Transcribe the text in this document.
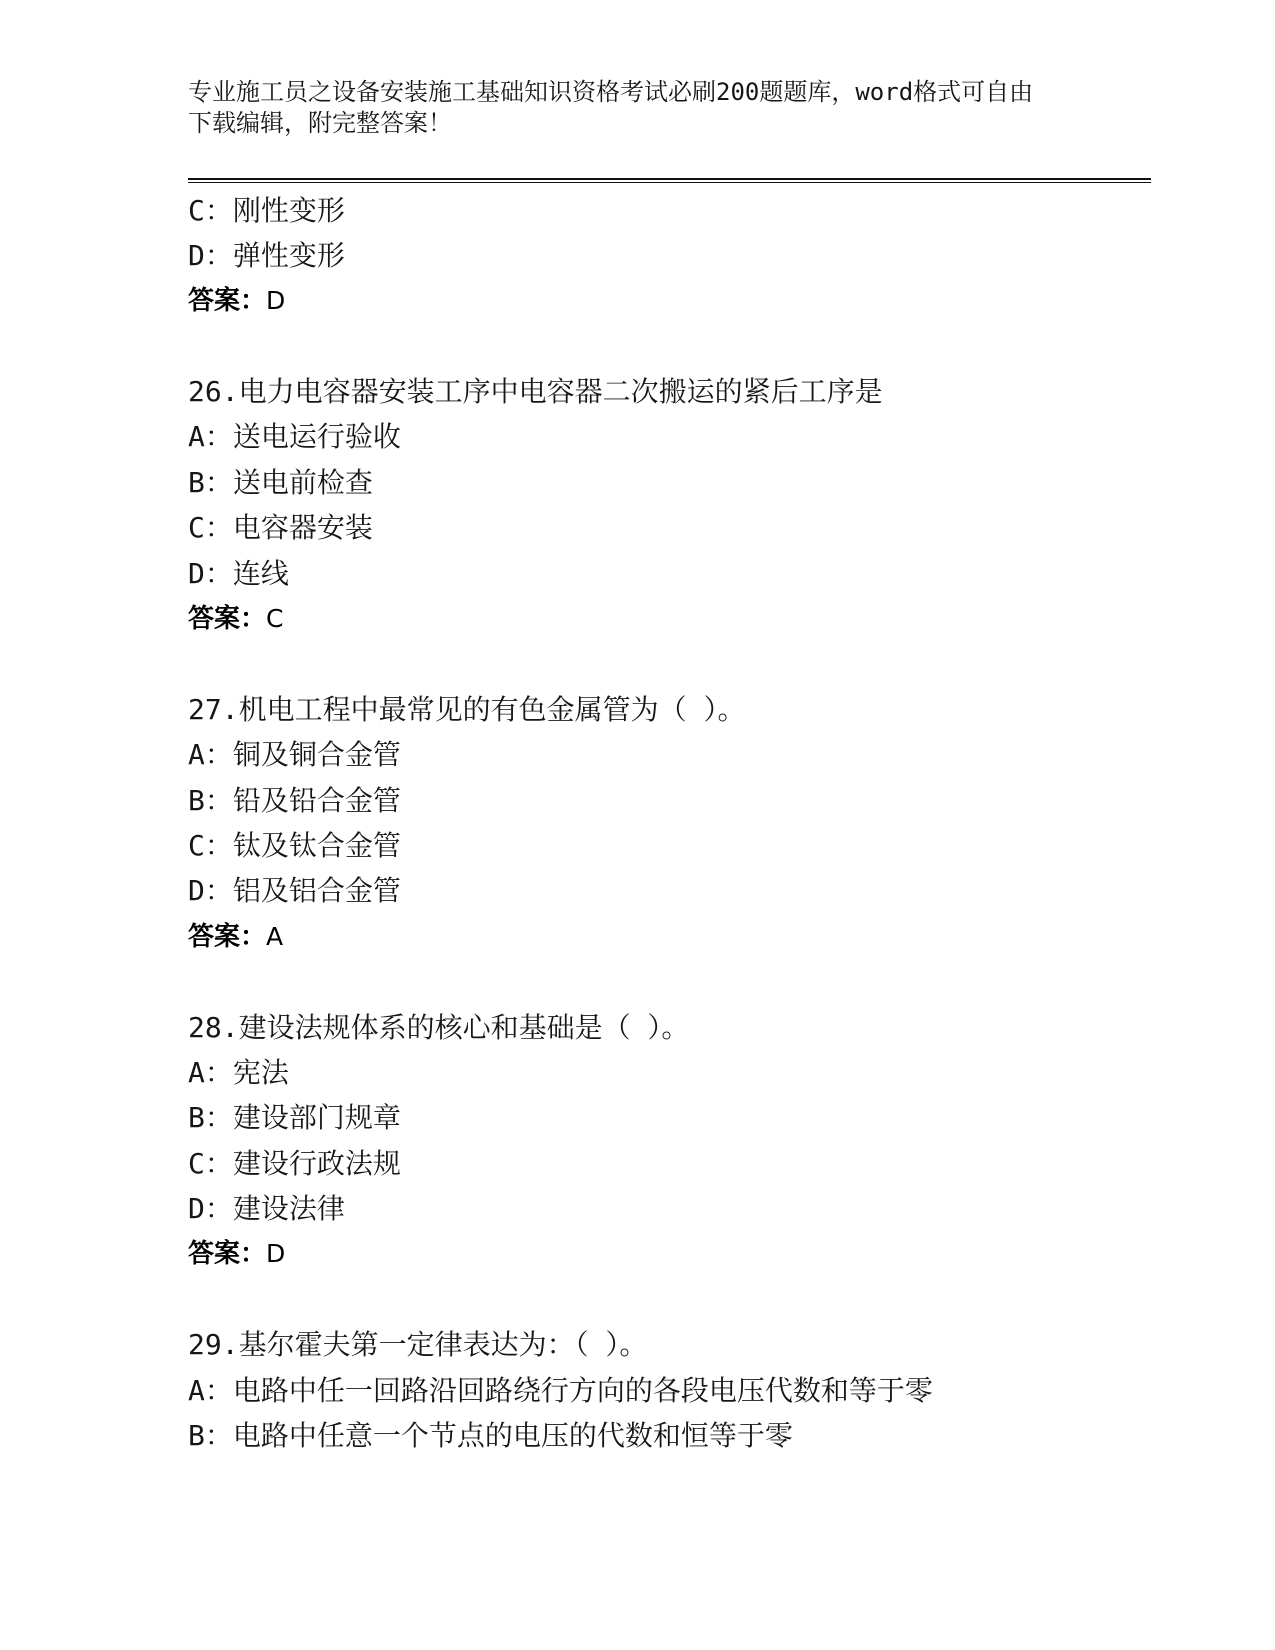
专业施工员之设备安装施工基础知识资格考试必刷200题题库，word格式可自由
下载编辑，附完整答案！
C： 刚性变形
D： 弹性变形
答案： D
26. 电力电容器安装工序中电容器二次搬运的紧后工序是
A： 送电运行验收
B： 送电前检查
C： 电容器安装
D： 连线
答案： C
27. 机电工程中最常见的有色金属管为（ ）。
A： 铜及铜合金管
B： 铅及铅合金管
C： 钛及钛合金管
D： 铝及铝合金管
答案： A
28. 建设法规体系的核心和基础是（ ）。
A： 宪法
B： 建设部门规章
C： 建设行政法规
D： 建设法律
答案： D
29. 基尔霍夫第一定律表达为：（ ）。
A： 电路中任一回路沿回路绕行方向的各段电压代数和等于零
B： 电路中任意一个节点的电压的代数和恒等于零
